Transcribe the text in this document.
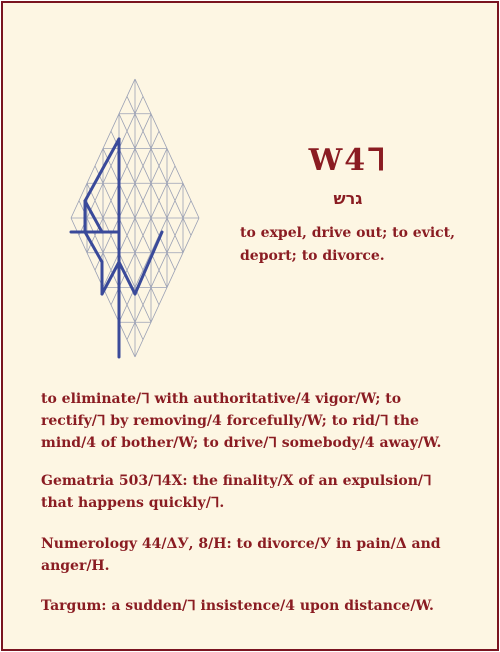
W4ᒣ
גרש
to expel, drive out; to evict, deport; to divorce.

to eliminate/ᒣ with authoritative/4 vigor/W; to rectify/ᒣ by removing/4 forcefully/W; to rid/ᒣ the mind/4 of bother/W; to drive/ᒣ somebody/4 away/W.

Gematria 503/ᒣ4X: the finality/X of an expulsion/ᒣ that happens quickly/ᒣ.

Numerology 44/ΔУ, 8/H: to divorce/У in pain/Δ and anger/H.

Targum: a sudden/ᒣ insistence/4 upon distance/W.
